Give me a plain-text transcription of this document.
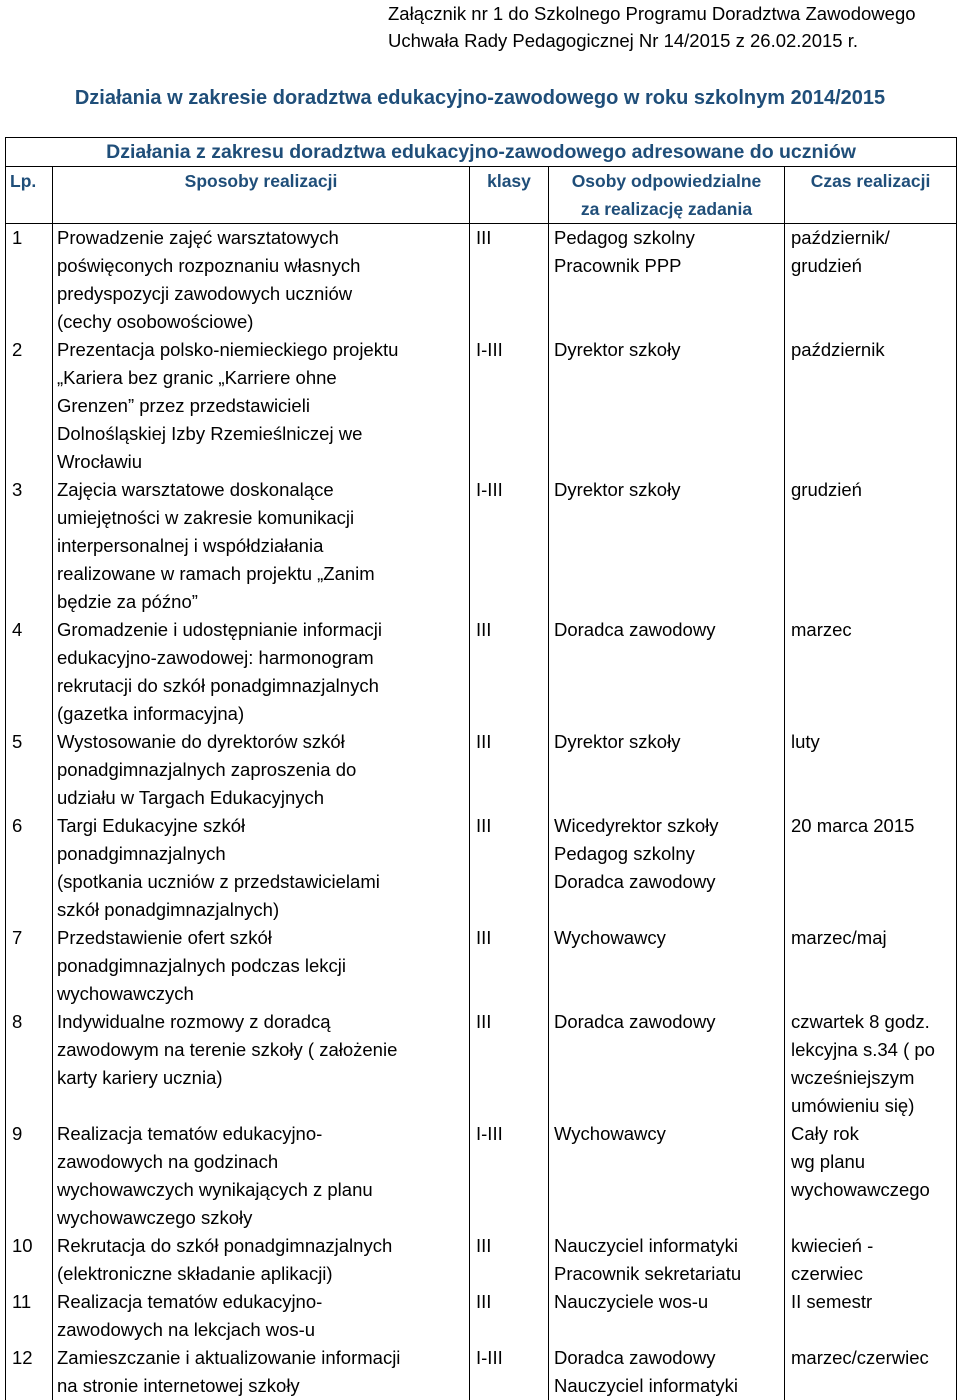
Załącznik nr 1 do Szkolnego Programu Doradztwa Zawodowego
Uchwała Rady Pedagogicznej Nr 14/2015 z 26.02.2015 r.
Działania w zakresie doradztwa edukacyjno-zawodowego w roku szkolnym 2014/2015
Działania z zakresu doradztwa edukacyjno-zawodowego adresowane do uczniów				
Lp.	Sposoby realizacji	klasy	Osoby odpowiedzialne
za realizację zadania	Czas realizacji
1	Prowadzenie zajęć warsztatowych
poświęconych rozpoznaniu własnych
predyspozycji zawodowych uczniów
(cechy osobowościowe)	III	Pedagog szkolny
Pracownik PPP	październik/
grudzień

2	Prezentacja polsko-niemieckiego projektu
„Kariera bez granic „Karriere ohne
Grenzen” przez przedstawicieli
Dolnośląskiej Izby Rzemieślniczej we
Wrocławiu	I-III	Dyrektor szkoły	październik

3	Zajęcia warsztatowe doskonalące
umiejętności w zakresie komunikacji
interpersonalnej i współdziałania
realizowane w ramach projektu „Zanim
będzie za późno”	I-III	Dyrektor szkoły	grudzień

4	Gromadzenie i udostępnianie informacji
edukacyjno-zawodowej: harmonogram
rekrutacji do szkół ponadgimnazjalnych
(gazetka informacyjna)	III	Doradca zawodowy	marzec

5	Wystosowanie do dyrektorów szkół
ponadgimnazjalnych zaproszenia do
udziału w Targach Edukacyjnych	III	Dyrektor szkoły	luty

6	Targi Edukacyjne szkół
ponadgimnazjalnych
(spotkania uczniów z przedstawicielami
szkół ponadgimnazjalnych)	III	Wicedyrektor szkoły
Pedagog szkolny
Doradca zawodowy	20 marca 2015

7	Przedstawienie ofert szkół
ponadgimnazjalnych podczas lekcji
wychowawczych	III	Wychowawcy	marzec/maj

8	Indywidualne rozmowy z doradcą
zawodowym na terenie szkoły ( założenie
karty kariery ucznia)	III	Doradca zawodowy	czwartek 8 godz.
lekcyjna s.34 ( po
wcześniejszym
umówieniu się)

9	Realizacja tematów edukacyjno-
zawodowych na godzinach
wychowawczych wynikających z planu
wychowawczego szkoły	I-III	Wychowawcy	Cały rok
wg planu
wychowawczego

10	Rekrutacja do szkół ponadgimnazjalnych
(elektroniczne składanie aplikacji)	III	Nauczyciel informatyki
Pracownik sekretariatu	kwiecień -
czerwiec

11	Realizacja tematów edukacyjno-
zawodowych na lekcjach wos-u	III	Nauczyciele wos-u	II semestr

12	Zamieszczanie i aktualizowanie informacji
na stronie internetowej szkoły	I-III	Doradca zawodowy
Nauczyciel informatyki	marzec/czerwiec
